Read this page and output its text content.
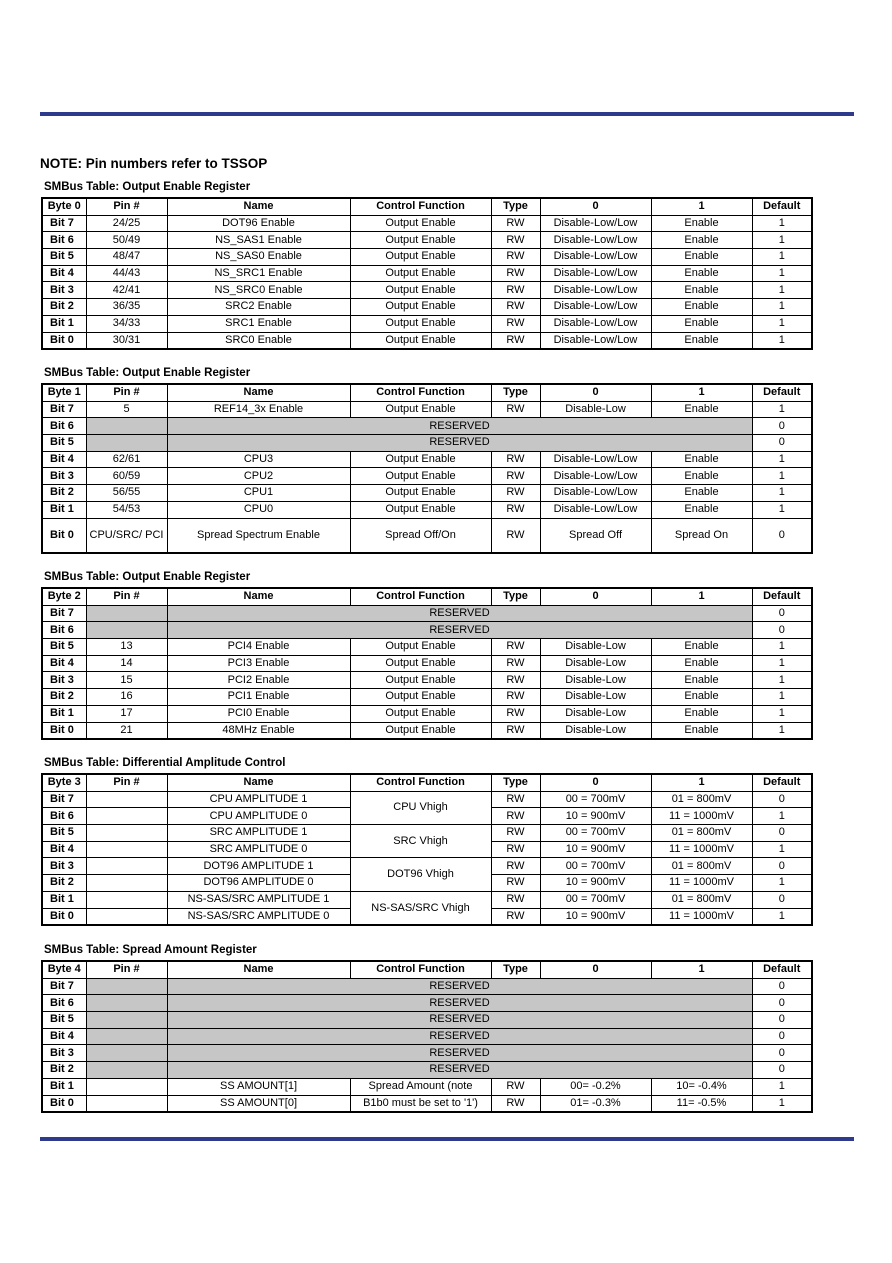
NOTE: Pin numbers refer to TSSOP
SMBus Table: Output Enable Register
Byte 0	Pin #	Name	Control Function	Type	0	1	Default
Bit 7	24/25	DOT96 Enable	Output Enable	RW	Disable-Low/Low	Enable	1
Bit 6	50/49	NS_SAS1 Enable	Output Enable	RW	Disable-Low/Low	Enable	1
Bit 5	48/47	NS_SAS0 Enable	Output Enable	RW	Disable-Low/Low	Enable	1
Bit 4	44/43	NS_SRC1 Enable	Output Enable	RW	Disable-Low/Low	Enable	1
Bit 3	42/41	NS_SRC0 Enable	Output Enable	RW	Disable-Low/Low	Enable	1
Bit 2	36/35	SRC2 Enable	Output Enable	RW	Disable-Low/Low	Enable	1
Bit 1	34/33	SRC1 Enable	Output Enable	RW	Disable-Low/Low	Enable	1
Bit 0	30/31	SRC0 Enable	Output Enable	RW	Disable-Low/Low	Enable	1
SMBus Table: Output Enable Register
Byte 1	Pin #	Name	Control Function	Type	0	1	Default
Bit 7	5	REF14_3x Enable	Output Enable	RW	Disable-Low	Enable	1
Bit 6		RESERVED					0
Bit 5		RESERVED					0
Bit 4	62/61	CPU3	Output Enable	RW	Disable-Low/Low	Enable	1
Bit 3	60/59	CPU2	Output Enable	RW	Disable-Low/Low	Enable	1
Bit 2	56/55	CPU1	Output Enable	RW	Disable-Low/Low	Enable	1
Bit 1	54/53	CPU0	Output Enable	RW	Disable-Low/Low	Enable	1
Bit 0	CPU/SRC/ PCI	Spread Spectrum Enable	Spread Off/On	RW	Spread Off	Spread On	0
SMBus Table: Output Enable Register
Byte 2	Pin #	Name	Control Function	Type	0	1	Default
Bit 7		RESERVED					0
Bit 6		RESERVED					0
Bit 5	13	PCI4 Enable	Output Enable	RW	Disable-Low	Enable	1
Bit 4	14	PCI3 Enable	Output Enable	RW	Disable-Low	Enable	1
Bit 3	15	PCI2 Enable	Output Enable	RW	Disable-Low	Enable	1
Bit 2	16	PCI1 Enable	Output Enable	RW	Disable-Low	Enable	1
Bit 1	17	PCI0 Enable	Output Enable	RW	Disable-Low	Enable	1
Bit 0	21	48MHz Enable	Output Enable	RW	Disable-Low	Enable	1
SMBus Table: Differential Amplitude Control
Byte 3	Pin #	Name	Control Function	Type	0	1	Default
Bit 7		CPU AMPLITUDE 1	CPU Vhigh	RW	00 = 700mV	01 = 800mV	0
Bit 6		CPU AMPLITUDE 0		RW	10 = 900mV	11 = 1000mV	1
Bit 5		SRC AMPLITUDE 1	SRC Vhigh	RW	00 = 700mV	01 = 800mV	0
Bit 4		SRC AMPLITUDE 0		RW	10 = 900mV	11 = 1000mV	1
Bit 3		DOT96 AMPLITUDE 1	DOT96 Vhigh	RW	00 = 700mV	01 = 800mV	0
Bit 2		DOT96 AMPLITUDE 0		RW	10 = 900mV	11 = 1000mV	1
Bit 1		NS-SAS/SRC AMPLITUDE 1	NS-SAS/SRC Vhigh	RW	00 = 700mV	01 = 800mV	0
Bit 0		NS-SAS/SRC AMPLITUDE 0		RW	10 = 900mV	11 = 1000mV	1
SMBus Table: Spread Amount Register
Byte 4	Pin #	Name	Control Function	Type	0	1	Default
Bit 7		RESERVED					0
Bit 6		RESERVED					0
Bit 5		RESERVED					0
Bit 4		RESERVED					0
Bit 3		RESERVED					0
Bit 2		RESERVED					0
Bit 1		SS AMOUNT[1]	Spread Amount (note	RW	00= -0.2%	10= -0.4%	1
Bit 0		SS AMOUNT[0]	B1b0 must be set to '1')	RW	01= -0.3%	11= -0.5%	1
